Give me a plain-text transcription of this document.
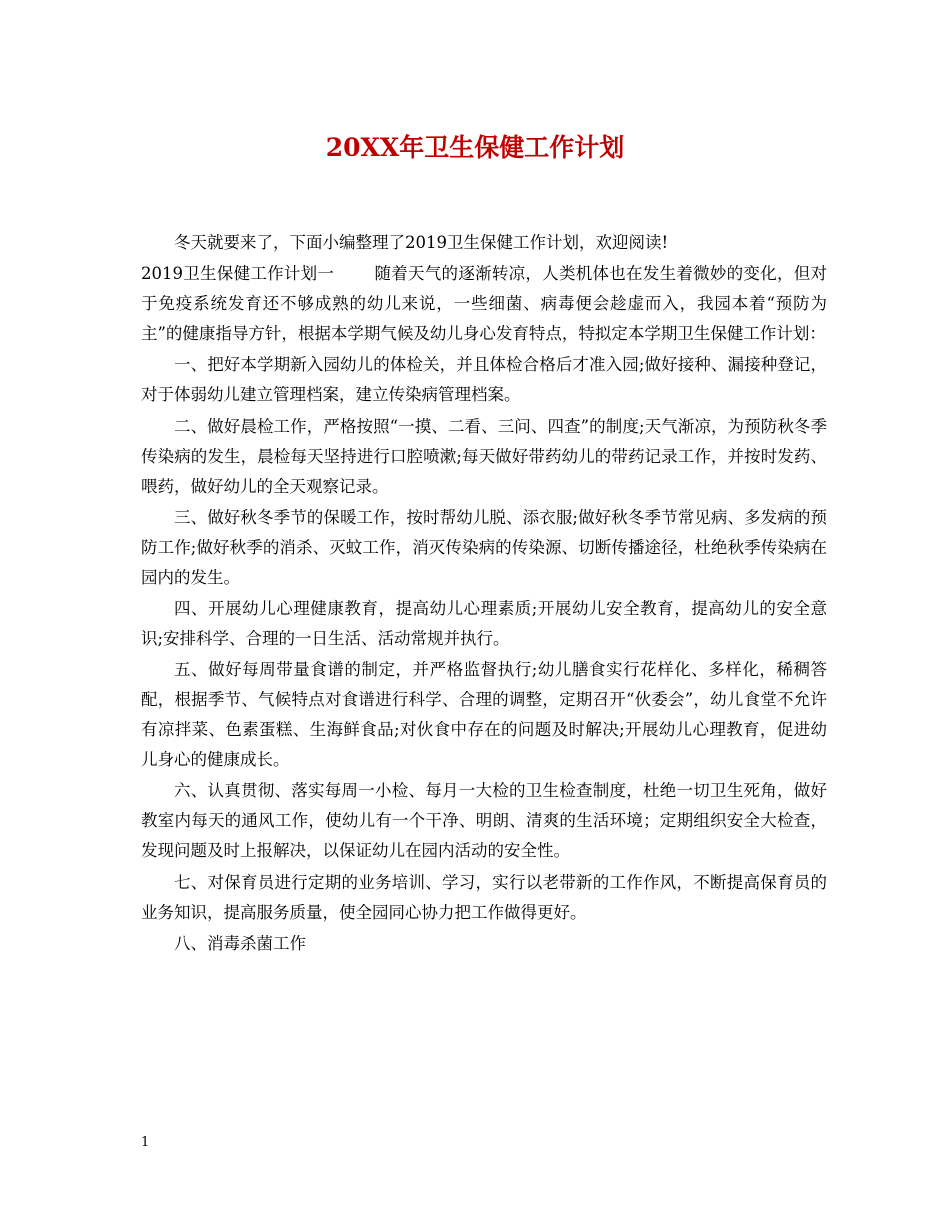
20XX年卫生保健工作计划

冬天就要来了，下面小编整理了2019卫生保健工作计划，欢迎阅读!

2019卫生保健工作计划一 随着天气的逐渐转凉，人类机体也在发生着微妙的变化，但对于免疫系统发育还不够成熟的幼儿来说，一些细菌、病毒便会趁虚而入，我园本着“预防为主”的健康指导方针，根据本学期气候及幼儿身心发育特点，特拟定本学期卫生保健工作计划：

一、把好本学期新入园幼儿的体检关，并且体检合格后才准入园;做好接种、漏接种登记，对于体弱幼儿建立管理档案，建立传染病管理档案。

二、做好晨检工作，严格按照“一摸、二看、三问、四查”的制度;天气渐凉，为预防秋冬季传染病的发生，晨检每天坚持进行口腔喷漱;每天做好带药幼儿的带药记录工作，并按时发药、喂药，做好幼儿的全天观察记录。

三、做好秋冬季节的保暖工作，按时帮幼儿脱、添衣服;做好秋冬季节常见病、多发病的预防工作;做好秋季的消杀、灭蚊工作，消灭传染病的传染源、切断传播途径，杜绝秋季传染病在园内的发生。

四、开展幼儿心理健康教育，提高幼儿心理素质;开展幼儿安全教育，提高幼儿的安全意识;安排科学、合理的一日生活、活动常规并执行。

五、做好每周带量食谱的制定，并严格监督执行;幼儿膳食实行花样化、多样化，稀稠答配，根据季节、气候特点对食谱进行科学、合理的调整，定期召开“伙委会”，幼儿食堂不允许有凉拌菜、色素蛋糕、生海鲜食品;对伙食中存在的问题及时解决;开展幼儿心理教育，促进幼儿身心的健康成长。

六、认真贯彻、落实每周一小检、每月一大检的卫生检查制度，杜绝一切卫生死角，做好教室内每天的通风工作，使幼儿有一个干净、明朗、清爽的生活环境；定期组织安全大检查，发现问题及时上报解决，以保证幼儿在园内活动的安全性。

七、对保育员进行定期的业务培训、学习，实行以老带新的工作作风，不断提高保育员的业务知识，提高服务质量，使全园同心协力把工作做得更好。

八、消毒杀菌工作

1
